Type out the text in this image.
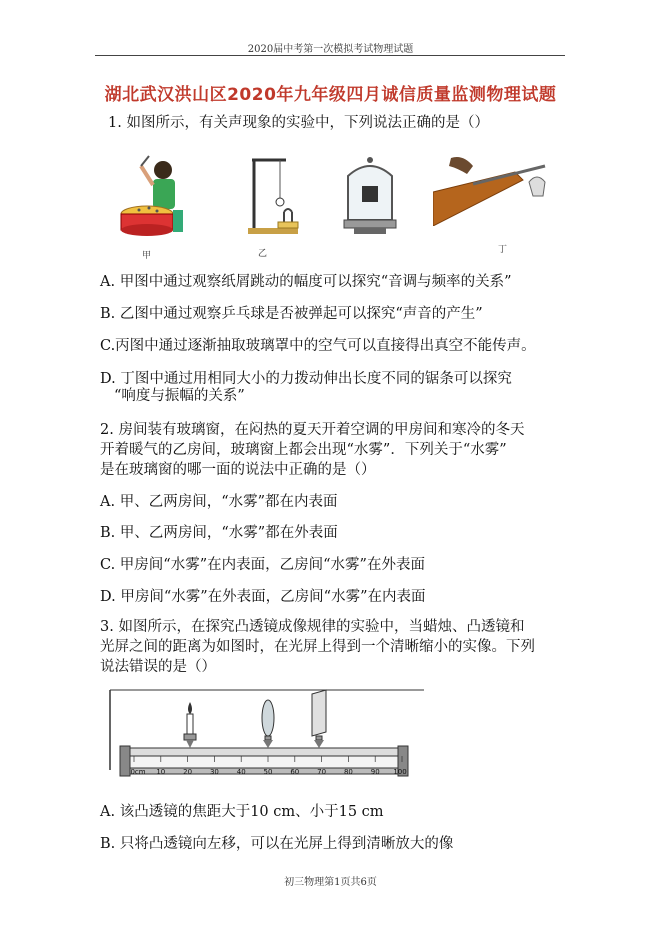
2020届中考第一次模拟考试物理试题
湖北武汉洪山区2020年九年级四月诚信质量监测物理试题
1. 如图所示，有关声现象的实验中，下列说法正确的是（）
甲	乙	丁
A. 甲图中通过观察纸屑跳动的幅度可以探究“音调与频率的关系”
B. 乙图中通过观察乒乓球是否被弹起可以探究“声音的产生”
C.丙图中通过逐渐抽取玻璃罩中的空气可以直接得出真空不能传声。
D. 丁图中通过用相同大小的力拨动伸出长度不同的锯条可以探究
“响度与振幅的关系”
2. 房间装有玻璃窗，在闷热的夏天开着空调的甲房间和寒冷的冬天
开着暖气的乙房间，玻璃窗上都会出现“水雾”．下列关于“水雾”
是在玻璃窗的哪一面的说法中正确的是（）
A. 甲、乙两房间，“水雾”都在内表面
B. 甲、乙两房间，“水雾”都在外表面
C. 甲房间“水雾”在内表面，乙房间“水雾”在外表面
D. 甲房间“水雾”在外表面，乙房间“水雾”在内表面
3. 如图所示，在探究凸透镜成像规律的实验中，当蜡烛、凸透镜和
光屏之间的距离为如图时，在光屏上得到一个清晰缩小的实像。下列
说法错误的是（）
0cm 10	20	30	40	50	60	70	80	90 100
A. 该凸透镜的焦距大于10 cm、小于15 cm
B. 只将凸透镜向左移，可以在光屏上得到清晰放大的像
初三物理第1页共6页
